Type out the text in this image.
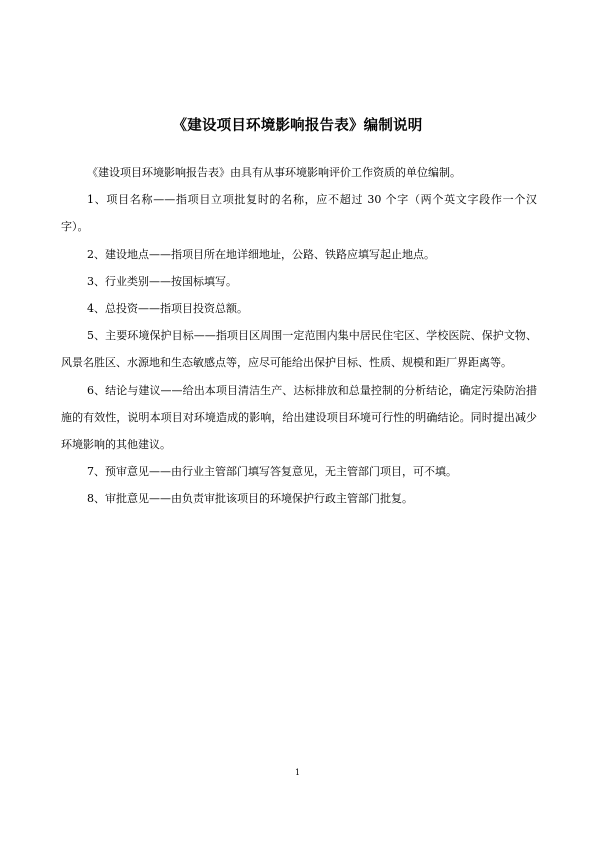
《建设项目环境影响报告表》编制说明

《建设项目环境影响报告表》由具有从事环境影响评价工作资质的单位编制。

1、项目名称——指项目立项批复时的名称，应不超过 30 个字（两个英文字段作一个汉字）。

2、建设地点——指项目所在地详细地址，公路、铁路应填写起止地点。

3、行业类别——按国标填写。

4、总投资——指项目投资总额。

5、主要环境保护目标——指项目区周围一定范围内集中居民住宅区、学校医院、保护文物、风景名胜区、水源地和生态敏感点等，应尽可能给出保护目标、性质、规模和距厂界距离等。

6、结论与建议——给出本项目清洁生产、达标排放和总量控制的分析结论，确定污染防治措施的有效性，说明本项目对环境造成的影响，给出建设项目环境可行性的明确结论。同时提出减少环境影响的其他建议。

7、预审意见——由行业主管部门填写答复意见，无主管部门项目，可不填。

8、审批意见——由负责审批该项目的环境保护行政主管部门批复。

1
